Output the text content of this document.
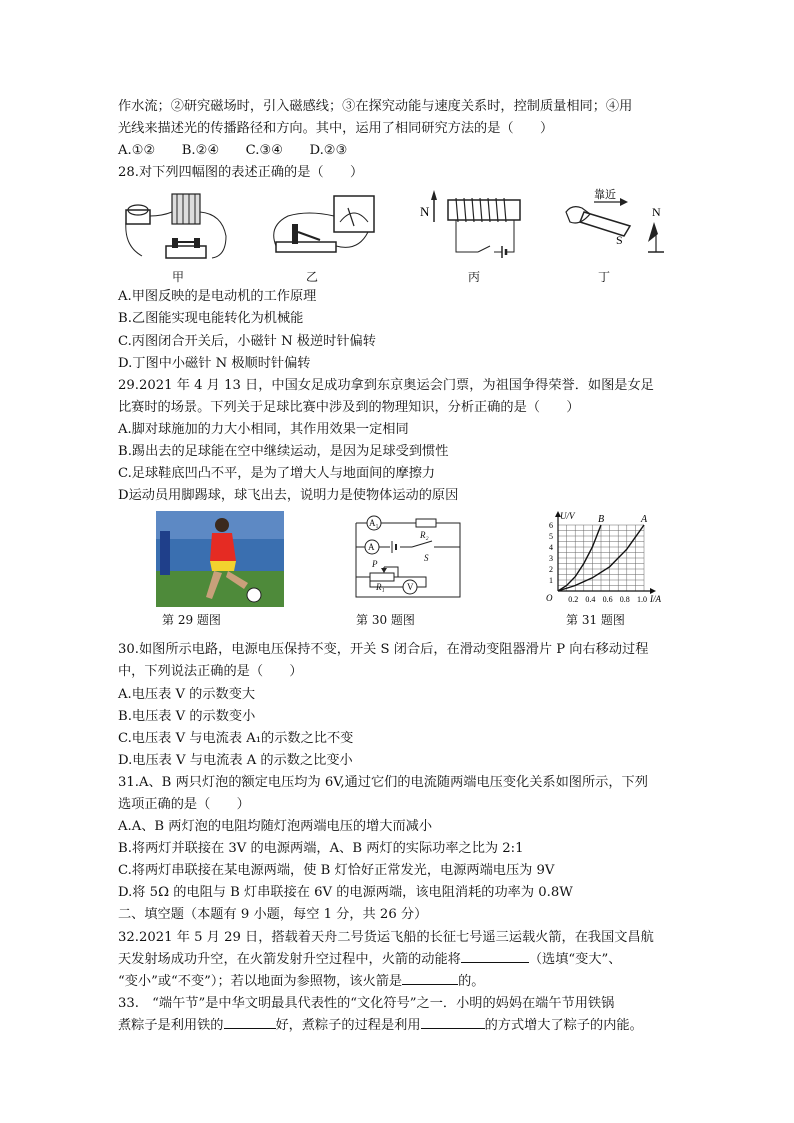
作水流；②研究磁场时，引入磁感线；③在探究动能与速度关系时，控制质量相同；④用
光线来描述光的传播路径和方向。其中，运用了相同研究方法的是（　　）
A.①②　　B.②④　　C.③④　　D.②③
28.对下列四幅图的表述正确的是（　　）
甲	乙
N
丙
靠近
S
N
丁
A.甲图反映的是电动机的工作原理
B.乙图能实现电能转化为机械能
C.丙图闭合开关后，小磁针 N 极逆时针偏转
D.丁图中小磁针 N 极顺时针偏转
29.2021 年 4 月 13 日，中国女足成功拿到东京奥运会门票，为祖国争得荣誉．如图是女足
比赛时的场景。下列关于足球比赛中涉及到的物理知识，分析正确的是（　　）
A.脚对球施加的力大小相同，其作用效果一定相同
B.踢出去的足球能在空中继续运动，是因为足球受到惯性
C.足球鞋底凹凸不平，是为了增大人与地面间的摩擦力
D运动员用脚踢球，球飞出去，说明力是使物体运动的原因
第 29 题图
A₁
R₂
A
S
R₁
P
V
第 30 题图
0.2 0.4 0.6 0.8 1.0
1
2
3
4
5
6
O
U/V
I/A
A
B
第 31 题图
30.如图所示电路，电源电压保持不变，开关 S 闭合后，在滑动变阻器滑片 P 向右移动过程
中，下列说法正确的是（　　）
A.电压表 V 的示数变大
B.电压表 V 的示数变小
C.电压表 V 与电流表 A₁的示数之比不变
D.电压表 V 与电流表 A 的示数之比变小
31.A、B 两只灯泡的额定电压均为 6V,通过它们的电流随两端电压变化关系如图所示，下列
选项正确的是（　　）
A.A、B 两灯泡的电阻均随灯泡两端电压的增大而减小
B.将两灯并联接在 3V 的电源两端，A、B 两灯的实际功率之比为 2:1
C.将两灯串联接在某电源两端，使 B 灯恰好正常发光，电源两端电压为 9V
D.将 5Ω 的电阻与 B 灯串联接在 6V 的电源两端，该电阻消耗的功率为 0.8W
二、填空题（本题有 9 小题，每空 1 分，共 26 分）
32.2021 年 5 月 29 日，搭载着天舟二号货运飞船的长征七号遥三运载火箭，在我国文昌航
天发射场成功升空，在火箭发射升空过程中，火箭的动能将	（选填“变大”、
“变小”或“不变”）；若以地面为参照物，该火箭是	的。
33.　“端午节”是中华文明最具代表性的“文化符号”之一．小明的妈妈在端午节用铁锅
煮粽子是利用铁的	好，煮粽子的过程是利用	的方式增大了粽子的内能。
